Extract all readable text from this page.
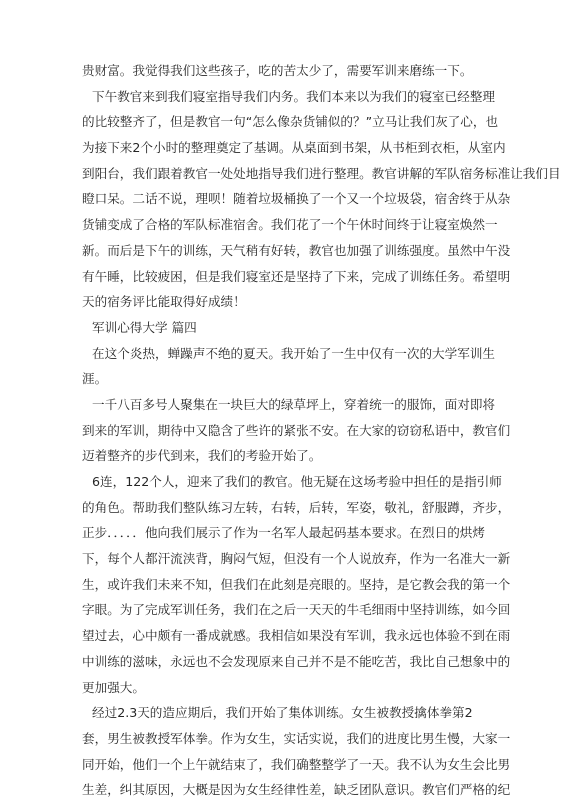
贵财富。我觉得我们这些孩子，吃的苦太少了，需要军训来磨练一下。
下午教官来到我们寝室指导我们内务。我们本来以为我们的寝室已经整理
的比较整齐了，但是教官一句“怎么像杂货铺似的？”立马让我们灰了心，也
为接下来2个小时的整理奠定了基调。从桌面到书架，从书柜到衣柜，从室内
到阳台，我们跟着教官一处处地指导我们进行整理。教官讲解的军队宿务标准让我们目
瞪口呆。二话不说，理呗！随着垃圾桶换了一个又一个垃圾袋，宿舍终于从杂
货铺变成了合格的军队标准宿舍。我们花了一个午休时间终于让寝室焕然一
新。而后是下午的训练，天气稍有好转，教官也加强了训练强度。虽然中午没
有午睡，比较疲困，但是我们寝室还是坚持了下来，完成了训练任务。希望明
天的宿务评比能取得好成绩！
军训心得大学 篇四
在这个炎热，蝉躁声不绝的夏天。我开始了一生中仅有一次的大学军训生
涯。
一千八百多号人聚集在一块巨大的绿草坪上，穿着统一的服饰，面对即将
到来的军训，期待中又隐含了些许的紧张不安。在大家的窃窃私语中，教官们
迈着整齐的步代到来，我们的考验开始了。
6连，122个人，迎来了我们的教官。他无疑在这场考验中担任的是指引师
的角色。帮助我们整队练习左转，右转，后转，军姿，敬礼，舒服蹲，齐步，
正步．．．．．他向我们展示了作为一名军人最起码基本要求。在烈日的烘烤
下，每个人都汗流浃背，胸闷气短，但没有一个人说放弃，作为一名准大一新
生，或许我们未来不知，但我们在此刻是亮眼的。坚持，是它教会我的第一个
字眼。为了完成军训任务，我们在之后一天天的牛毛细雨中坚持训练，如今回
望过去，心中颇有一番成就感。我相信如果没有军训，我永远也体验不到在雨
中训练的滋味，永远也不会发现原来自己并不是不能吃苦，我比自己想象中的
更加强大。
经过2.3天的造应期后，我们开始了集体训练。女生被教授擒体拳第2
套，男生被教授军体拳。作为女生，实话实说，我们的进度比男生慢，大家一
同开始，他们一个上午就结束了，我们确整整学了一天。我不认为女生会比男
生差，纠其原因，大概是因为女生经律性差，缺乏团队意识。教官们严格的纪
